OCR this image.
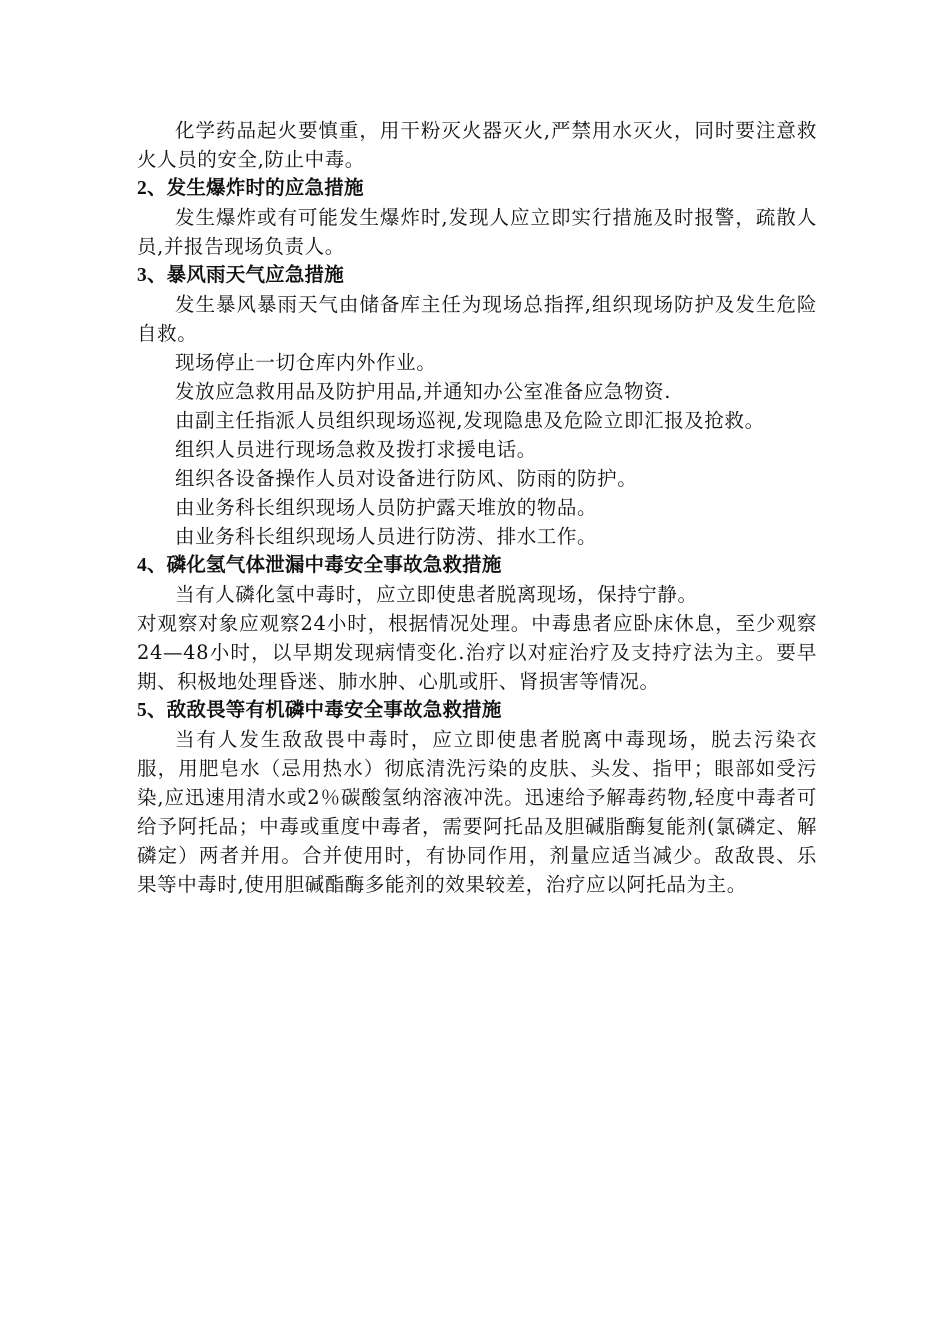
化学药品起火要慎重，用干粉灭火器灭火,严禁用水灭火，同时要注意救火人员的安全,防止中毒。

2、发生爆炸时的应急措施

发生爆炸或有可能发生爆炸时,发现人应立即实行措施及时报警，疏散人员,并报告现场负责人。

3、暴风雨天气应急措施

发生暴风暴雨天气由储备库主任为现场总指挥,组织现场防护及发生危险自救。

现场停止一切仓库内外作业。

发放应急救用品及防护用品,并通知办公室准备应急物资.

由副主任指派人员组织现场巡视,发现隐患及危险立即汇报及抢救。

组织人员进行现场急救及拨打求援电话。

组织各设备操作人员对设备进行防风、防雨的防护。

由业务科长组织现场人员防护露天堆放的物品。

由业务科长组织现场人员进行防涝、排水工作。

4、磷化氢气体泄漏中毒安全事故急救措施

当有人磷化氢中毒时，应立即使患者脱离现场，保持宁静。

对观察对象应观察24小时，根据情况处理。中毒患者应卧床休息，至少观察24—48小时，以早期发现病情变化.治疗以对症治疗及支持疗法为主。要早期、积极地处理昏迷、肺水肿、心肌或肝、肾损害等情况。

5、敌敌畏等有机磷中毒安全事故急救措施

当有人发生敌敌畏中毒时，应立即使患者脱离中毒现场，脱去污染衣服，用肥皂水（忌用热水）彻底清洗污染的皮肤、头发、指甲；眼部如受污染,应迅速用清水或2％碳酸氢纳溶液冲洗。迅速给予解毒药物,轻度中毒者可给予阿托品；中毒或重度中毒者，需要阿托品及胆碱脂酶复能剂(氯磷定、解磷定）两者并用。合并使用时，有协同作用，剂量应适当减少。敌敌畏、乐果等中毒时,使用胆碱酯酶多能剂的效果较差，治疗应以阿托品为主。
